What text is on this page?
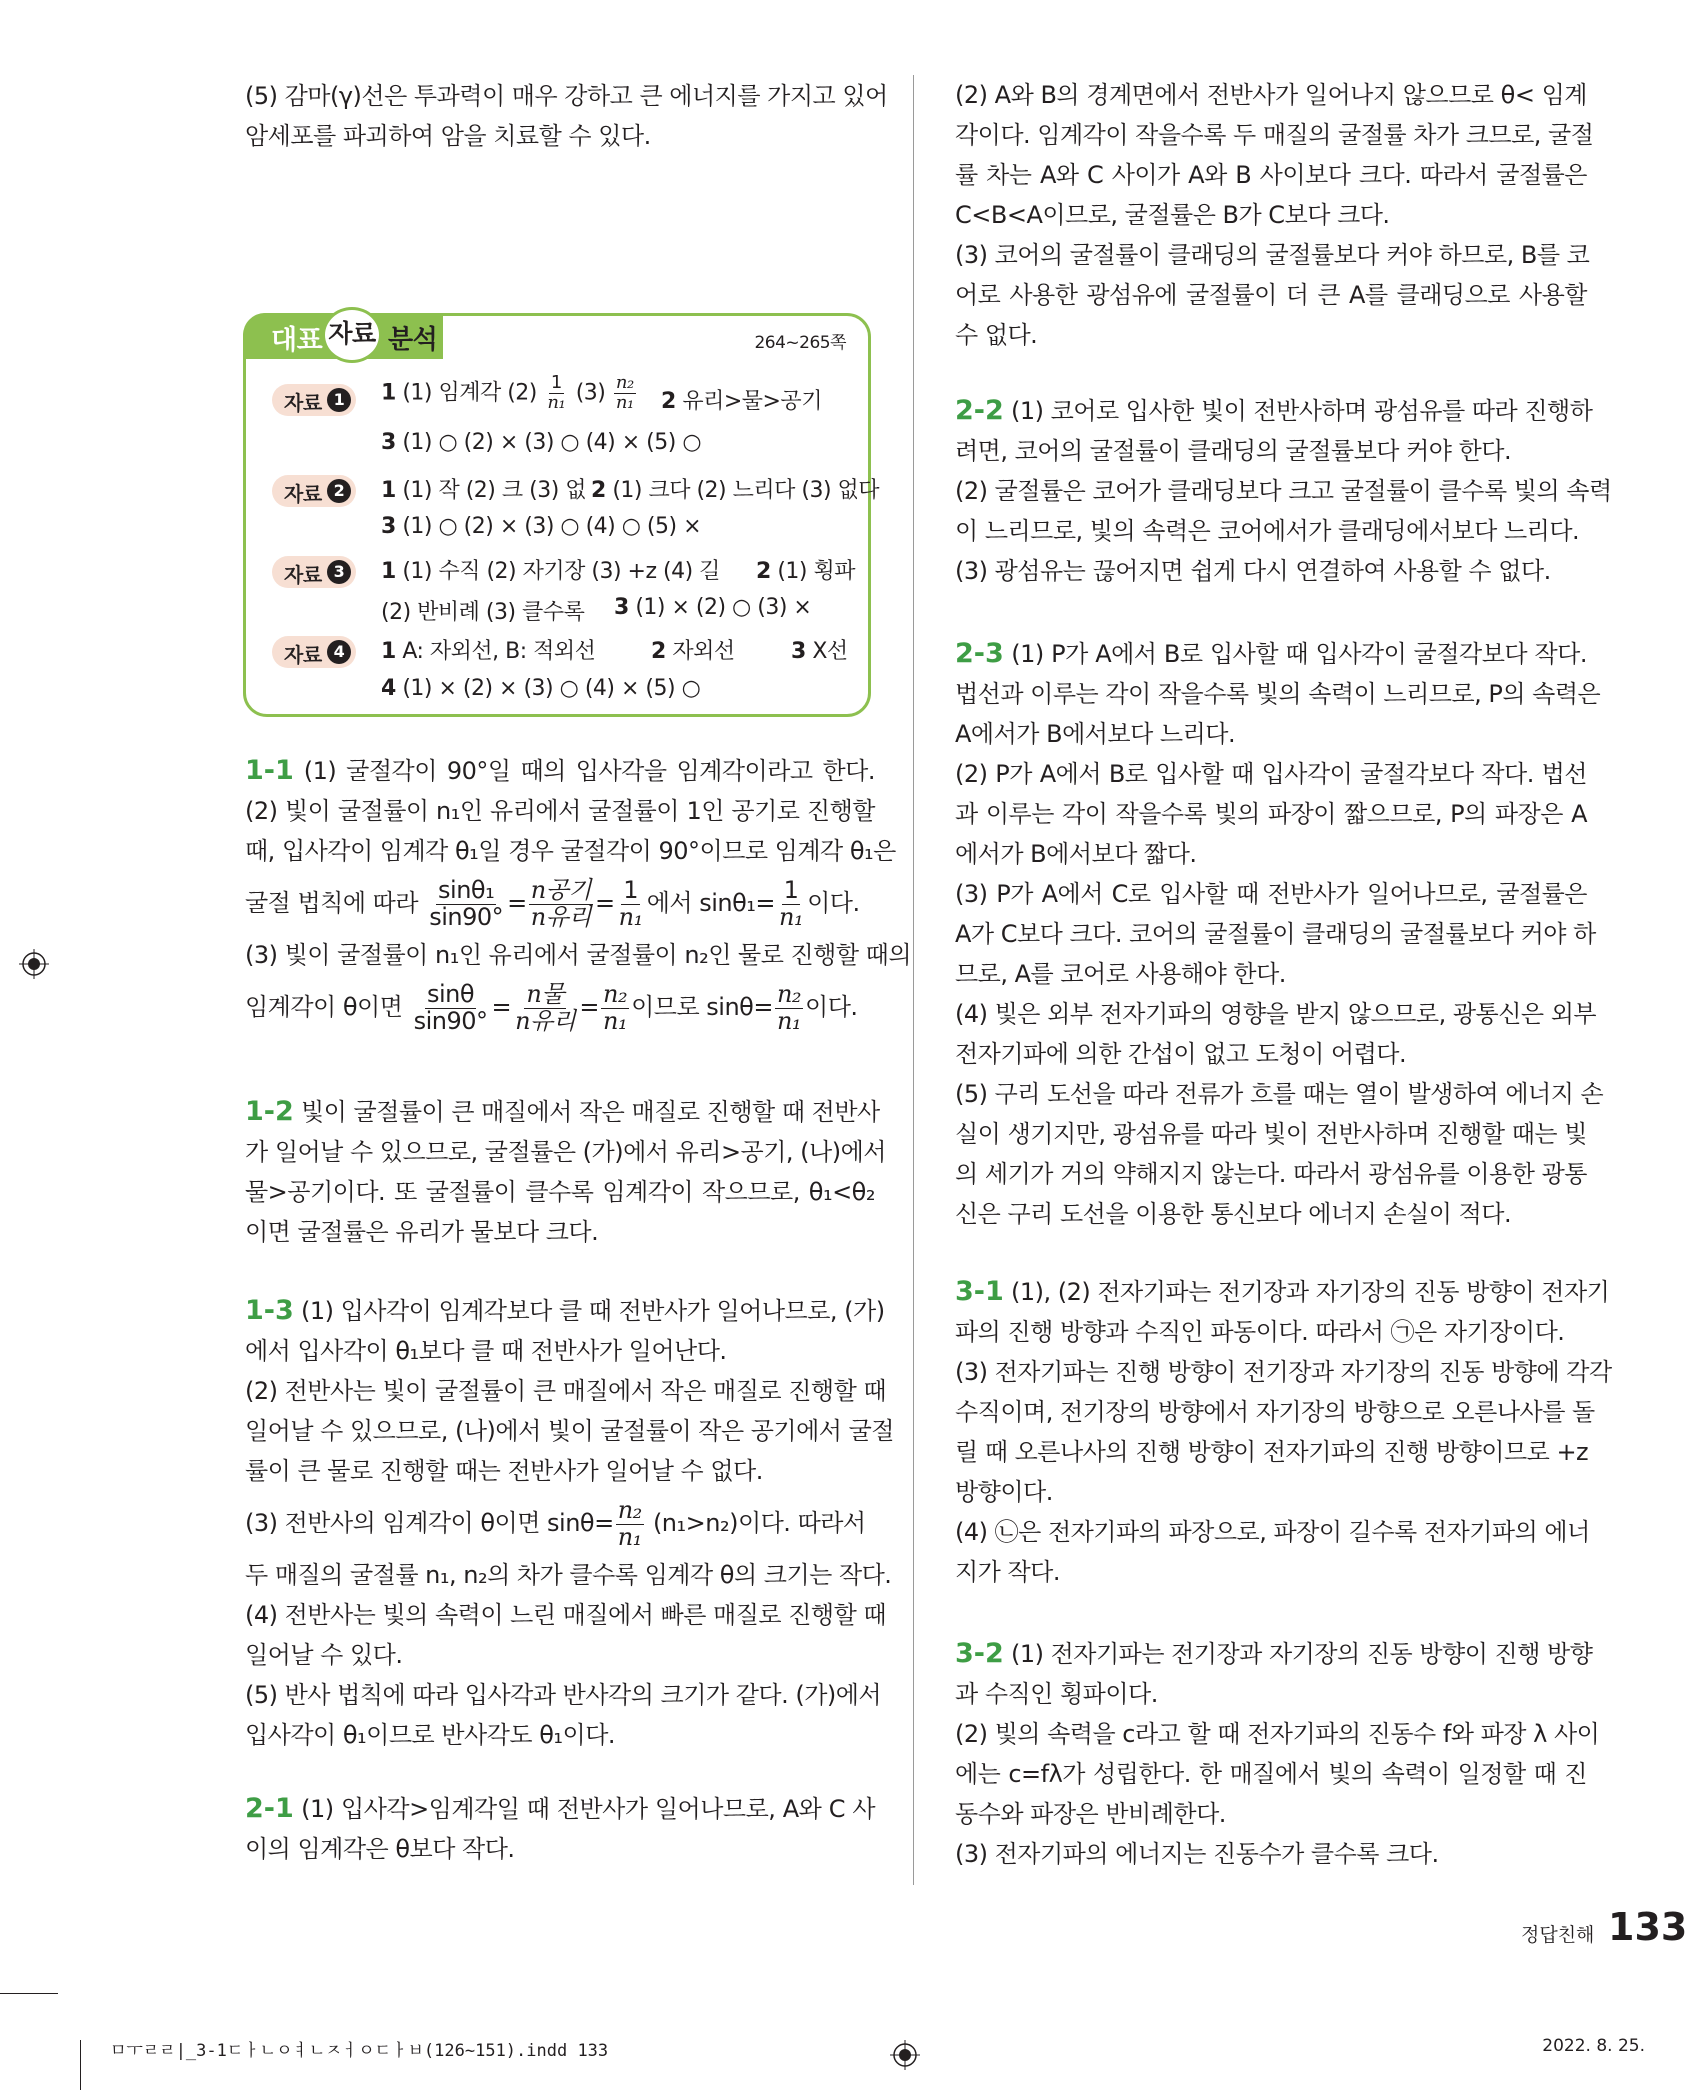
(5) 감마(γ)선은 투과력이 매우 강하고 큰 에너지를 가지고 있어
암세포를 파괴하여 암을 치료할 수 있다.
1-1 (1) 굴절각이 90°일 때의 입사각을 임계각이라고 한다.
(2) 빛이 굴절률이 n₁인 유리에서 굴절률이 1인 공기로 진행할
때, 입사각이 임계각 θ₁일 경우 굴절각이 90°이므로 임계각 θ₁은
굴절 법칙에 따라 $\frac{\text{sinθ₁}}{\sin 90^\circ} = \frac{\text{n공기}}{\text{n유리}} = \frac{1}{\text{n₁}}$ 에서 $\sin\theta_1= \frac{1}{\text{n₁}}$ 이다.
(3) 빛이 굴절률이 n₁인 유리에서 굴절률이 n₂인 물로 진행할 때의
임계각이 θ이면 $\frac{\sin\theta}{\sin 90^\circ} = \frac{\text{n물}}{\text{n유리}} = \frac{\text{n₂}}{\text{n₁}}$ 이므로 $\sin\theta= \frac{\text{n₂}}{\text{n₁}}$ 이다.
1-2 빛이 굴절률이 큰 매질에서 작은 매질로 진행할 때 전반사
가 일어날 수 있으므로, 굴절률은 (가)에서 유리>공기, (나)에서
물>공기이다. 또 굴절률이 클수록 임계각이 작으므로, θ₁<θ₂
이면 굴절률은 유리가 물보다 크다.
1-3 (1) 입사각이 임계각보다 클 때 전반사가 일어나므로, (가)
에서 입사각이 θ₁보다 클 때 전반사가 일어난다.
(2) 전반사는 빛이 굴절률이 큰 매질에서 작은 매질로 진행할 때
일어날 수 있으므로, (나)에서 빛이 굴절률이 작은 공기에서 굴절
률이 큰 물로 진행할 때는 전반사가 일어날 수 없다.
(3) 전반사의 임계각이 θ이면 $\sin\theta= \frac{\text{n₂}}{\text{n₁}} (n_1>n_2)$이다. 따라서
두 매질의 굴절률 n₁, n₂의 차가 클수록 임계각 θ의 크기는 작다.
(4) 전반사는 빛의 속력이 느린 매질에서 빠른 매질로 진행할 때
일어날 수 있다.
(5) 반사 법칙에 따라 입사각과 반사각의 크기가 같다. (가)에서
입사각이 θ₁이므로 반사각도 θ₁이다.
2-1 (1) 입사각>임계각일 때 전반사가 일어나므로, A와 C 사
이의 임계각은 θ보다 작다.
대표 자료 분석	264~265쪽
자료 1	1 (1) 임계각 $(2) \frac{1}{\text{n₁}} (3) \frac{\text{n₂}}{\text{n₁}} 2$ 유리>물>공기
3 (1) ○ (2) × (3) ○ (4) × (5) ○
자료 2	1 (1) 작 (2) 크 (3) 없 2 (1) 크다 (2) 느리다 (3) 없다
3 (1) ○ (2) × (3) ○ (4) ○ (5) ×
자료 3	1 (1) 수직 (2) 자기장 (3) +z (4) 길 2 (1) 횡파
(2) 반비례 (3) 클수록 3 (1) × (2) ○ (3) ×
자료 4	1 A: 자외선, B: 적외선	2 자외선	3 X선
4 (1) × (2) × (3) ○ (4) × (5) ○
(2) A와 B의 경계면에서 전반사가 일어나지 않으므로 θ< 임계
각이다. 임계각이 작을수록 두 매질의 굴절률 차가 크므로, 굴절
률 차는 A와 C 사이가 A와 B 사이보다 크다. 따라서 굴절률은
C<B<A이므로, 굴절률은 B가 C보다 크다.
(3) 코어의 굴절률이 클래딩의 굴절률보다 커야 하므로, B를 코
어로 사용한 광섬유에 굴절률이 더 큰 A를 클래딩으로 사용할
수 없다.
2-2 (1) 코어로 입사한 빛이 전반사하며 광섬유를 따라 진행하
려면, 코어의 굴절률이 클래딩의 굴절률보다 커야 한다.
(2) 굴절률은 코어가 클래딩보다 크고 굴절률이 클수록 빛의 속력
이 느리므로, 빛의 속력은 코어에서가 클래딩에서보다 느리다.
(3) 광섬유는 끊어지면 쉽게 다시 연결하여 사용할 수 없다.
2-3 (1) P가 A에서 B로 입사할 때 입사각이 굴절각보다 작다.
법선과 이루는 각이 작을수록 빛의 속력이 느리므로, P의 속력은
A에서가 B에서보다 느리다.
(2) P가 A에서 B로 입사할 때 입사각이 굴절각보다 작다. 법선
과 이루는 각이 작을수록 빛의 파장이 짧으므로, P의 파장은 A
에서가 B에서보다 짧다.
(3) P가 A에서 C로 입사할 때 전반사가 일어나므로, 굴절률은
A가 C보다 크다. 코어의 굴절률이 클래딩의 굴절률보다 커야 하
므로, A를 코어로 사용해야 한다.
(4) 빛은 외부 전자기파의 영향을 받지 않으므로, 광통신은 외부
전자기파에 의한 간섭이 없고 도청이 어렵다.
(5) 구리 도선을 따라 전류가 흐를 때는 열이 발생하여 에너지 손
실이 생기지만, 광섬유를 따라 빛이 전반사하며 진행할 때는 빛
의 세기가 거의 약해지지 않는다. 따라서 광섬유를 이용한 광통
신은 구리 도선을 이용한 통신보다 에너지 손실이 적다.
3-1 (1), (2) 전자기파는 전기장과 자기장의 진동 방향이 전자기
파의 진행 방향과 수직인 파동이다. 따라서 ㉠은 자기장이다.
(3) 전자기파는 진행 방향이 전기장과 자기장의 진동 방향에 각각
수직이며, 전기장의 방향에서 자기장의 방향으로 오른나사를 돌
릴 때 오른나사의 진행 방향이 전자기파의 진행 방향이므로 +z
방향이다.
(4) ㉡은 전자기파의 파장으로, 파장이 길수록 전자기파의 에너
지가 작다.
3-2 (1) 전자기파는 전기장과 자기장의 진동 방향이 진행 방향
과 수직인 횡파이다.
(2) 빛의 속력을 c라고 할 때 전자기파의 진동수 f와 파장 λ 사이
에는 c=fλ가 성립한다. 한 매질에서 빛의 속력이 일정할 때 진
동수와 파장은 반비례한다.
(3) 전자기파의 에너지는 진동수가 클수록 크다.
정답친해 133
ㅁㅜㄹㄹ|_3-1ㄷㅏㄴㅇㅕㄴㅈㅓㅇㄷㅏㅂ(126~151).indd 133	2022. 8. 25.
